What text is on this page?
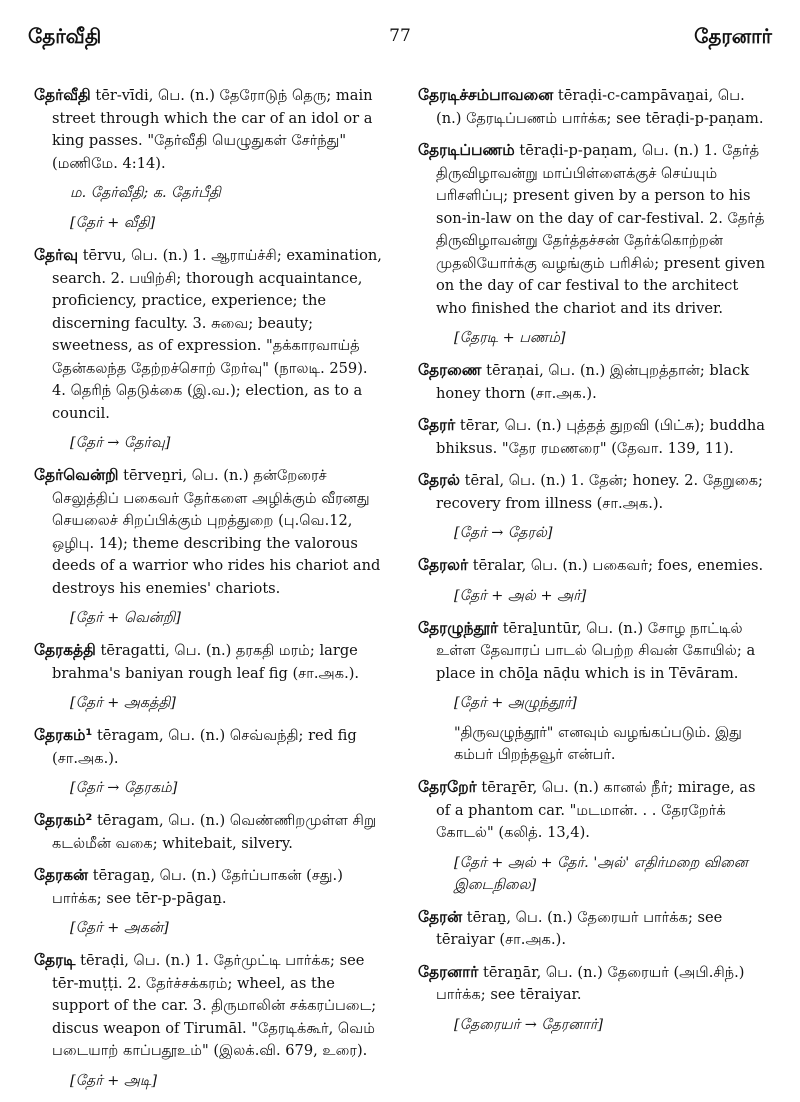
தேர்வீதி	77	தேரனார்

தேர்வீதி tēr-vīdi, பெ. (n.) தேரோடுந் தெரு; main street through which the car of an idol or a king passes. "தேர்வீதி யெழுதுகள் சேர்ந்து" (மணிமே. 4:14).

ம. தேர்வீதி; க. தேர்பீதி

[தேர் + வீதி]

தேர்வு tērvu, பெ. (n.) 1. ஆராய்ச்சி; examination, search. 2. பயிற்சி; thorough acquaintance, proficiency, practice, experience; the discerning faculty. 3. சுவை; beauty; sweetness, as of expression. "தக்காரவாய்த் தேன்கலந்த தேற்றச்சொற் றேர்வு" (நாலடி. 259). 4. தெரிந் தெடுக்கை (இ.வ.); election, as to a council.

[தேர் → தேர்வு]

தேர்வென்றி tērveṉri, பெ. (n.) தன்றேரைச் செலுத்திப் பகைவர் தேர்களை அழிக்கும் வீரனது செயலைச் சிறப்பிக்கும் புறத்துறை (பு.வெ.12, ஒழிபு. 14); theme describing the valorous deeds of a warrior who rides his chariot and destroys his enemies' chariots.

[தேர் + வென்றி]

தேரகத்தி tēragatti, பெ. (n.) தரகதி மரம்; large brahma's baniyan rough leaf fig (சா.அக.).

[தேர் + அகத்தி]

தேரகம்¹ tēragam, பெ. (n.) செவ்வந்தி; red fig (சா.அக.).

[தேர் → தேரகம்]

தேரகம்² tēragam, பெ. (n.) வெண்ணிறமுள்ள சிறு கடல்மீன் வகை; whitebait, silvery.

தேரகன் tēragaṉ, பெ. (n.) தேர்ப்பாகன் (சது.) பார்க்க; see tēr-p-pāgaṉ.

[தேர் + அகன்]

தேரடி tēraḍi, பெ. (n.) 1. தேர்முட்டி பார்க்க; see tēr-muṭṭi. 2. தேர்ச்சக்கரம்; wheel, as the support of the car. 3. திருமாலின் சக்கரப்படை; discus weapon of Tirumāl. "தேரடிக்கூர், வெம் படையாற் காப்பதூஉம்" (இலக்.வி. 679, உரை).

[தேர் + அடி]

தேரடிச்சம்பாவனை tēraḍi-c-campāvaṉai, பெ. (n.) தேரடிப்பணம் பார்க்க; see tēraḍi-p-paṇam.

தேரடிப்பணம் tēraḍi-p-paṇam, பெ. (n.) 1. தேர்த் திருவிழாவன்று மாப்பிள்ளைக்குச் செய்யும் பரிசளிப்பு; present given by a person to his son-in-law on the day of car-festival. 2. தேர்த் திருவிழாவன்று தேர்த்தச்சன் தேர்க்கொற்றன் முதலியோர்க்கு வழங்கும் பரிசில்; present given on the day of car festival to the architect who finished the chariot and its driver.

[தேரடி + பணம்]

தேரணை tēraṇai, பெ. (n.) இன்புறத்தான்; black honey thorn (சா.அக.).

தேரர் tērar, பெ. (n.) புத்தத் துறவி (பிட்சு); buddha bhiksus. "தேர ரமணரை" (தேவா. 139, 11).

தேரல் tēral, பெ. (n.) 1. தேன்; honey. 2. தேறுகை; recovery from illness (சா.அக.).

[தேர் → தேரல்]

தேரலர் tēralar, பெ. (n.) பகைவர்; foes, enemies.

[தேர் + அல் + அர்]

தேரழுந்தூர் tēraḻuntūr, பெ. (n.) சோழ நாட்டில் உள்ள தேவாரப் பாடல் பெற்ற சிவன் கோயில்; a place in chōḻa nāḍu which is in Tēvāram.

[தேர் + அழுந்தூர்]

"திருவழுந்தூர்" எனவும் வழங்கப்படும். இது கம்பர் பிறந்தவூர் என்பர்.

தேரறேர் tēraṟēr, பெ. (n.) கானல் நீர்; mirage, as of a phantom car. "மடமான். . . தேரறேர்க் கோடல்" (கலித். 13,4).

[தேர் + அல் + தேர். 'அல்' எதிர்மறை வினை இடைநிலை]

தேரன் tēraṉ, பெ. (n.) தேரையர் பார்க்க; see tēraiyar (சா.அக.).

தேரனார் tēraṉār, பெ. (n.) தேரையர் (அபி.சிந்.) பார்க்க; see tēraiyar.

[தேரையர் → தேரனார்]
